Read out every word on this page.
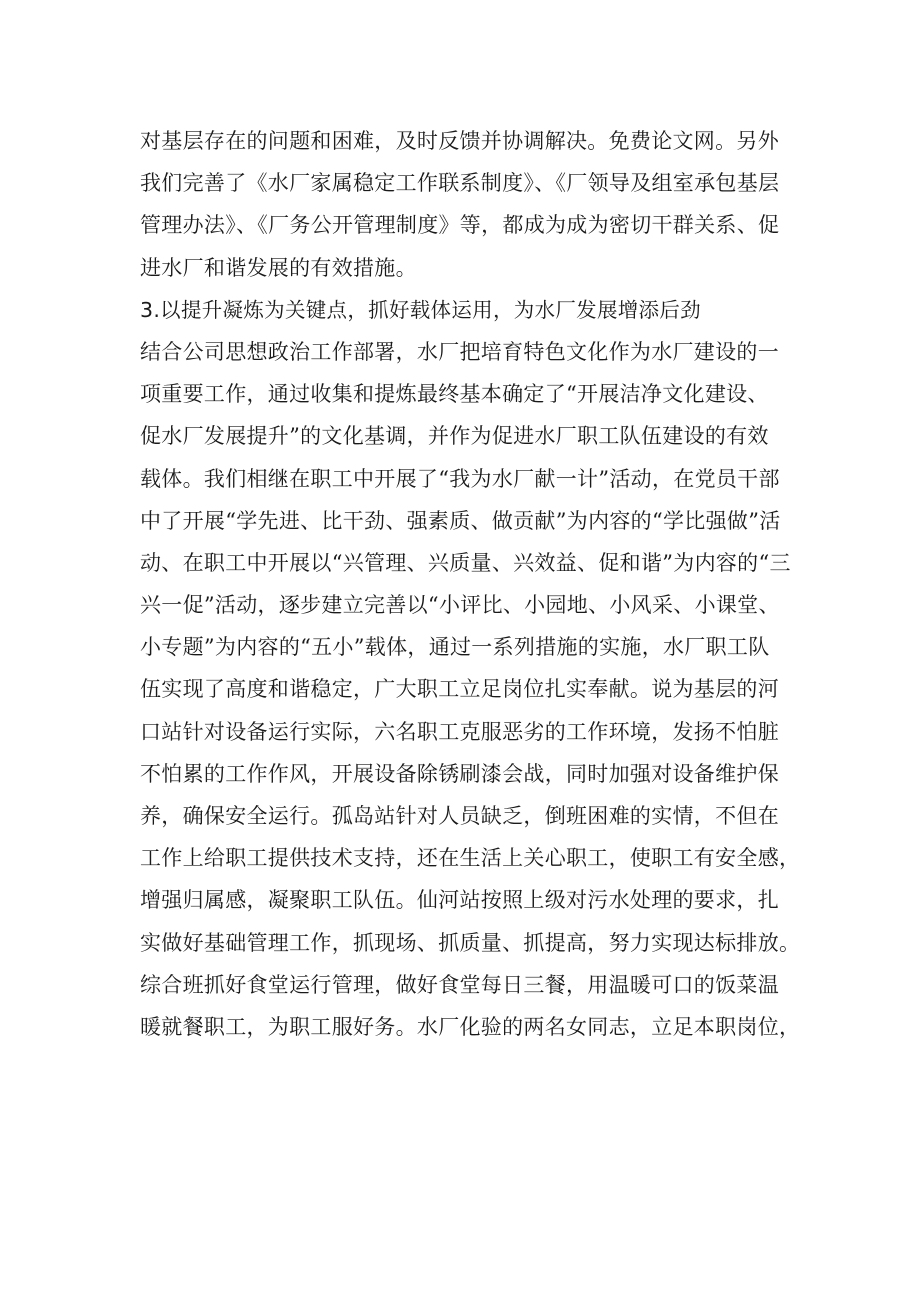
对基层存在的问题和困难，及时反馈并协调解决。免费论文网。另外
我们完善了《水厂家属稳定工作联系制度》、《厂领导及组室承包基层
管理办法》、《厂务公开管理制度》等，都成为成为密切干群关系、促
进水厂和谐发展的有效措施。
3.以提升凝炼为关键点，抓好载体运用，为水厂发展增添后劲
结合公司思想政治工作部署，水厂把培育特色文化作为水厂建设的一
项重要工作，通过收集和提炼最终基本确定了“开展洁净文化建设、
促水厂发展提升”的文化基调，并作为促进水厂职工队伍建设的有效
载体。我们相继在职工中开展了“我为水厂献一计”活动，在党员干部
中了开展“学先进、比干劲、强素质、做贡献”为内容的“学比强做”活
动、在职工中开展以“兴管理、兴质量、兴效益、促和谐”为内容的“三
兴一促”活动，逐步建立完善以“小评比、小园地、小风采、小课堂、
小专题”为内容的“五小”载体，通过一系列措施的实施，水厂职工队
伍实现了高度和谐稳定，广大职工立足岗位扎实奉献。说为基层的河
口站针对设备运行实际，六名职工克服恶劣的工作环境，发扬不怕脏
不怕累的工作作风，开展设备除锈刷漆会战，同时加强对设备维护保
养，确保安全运行。孤岛站针对人员缺乏，倒班困难的实情，不但在
工作上给职工提供技术支持，还在生活上关心职工，使职工有安全感，
增强归属感，凝聚职工队伍。仙河站按照上级对污水处理的要求，扎
实做好基础管理工作，抓现场、抓质量、抓提高，努力实现达标排放。
综合班抓好食堂运行管理，做好食堂每日三餐，用温暖可口的饭菜温
暖就餐职工，为职工服好务。水厂化验的两名女同志，立足本职岗位，
